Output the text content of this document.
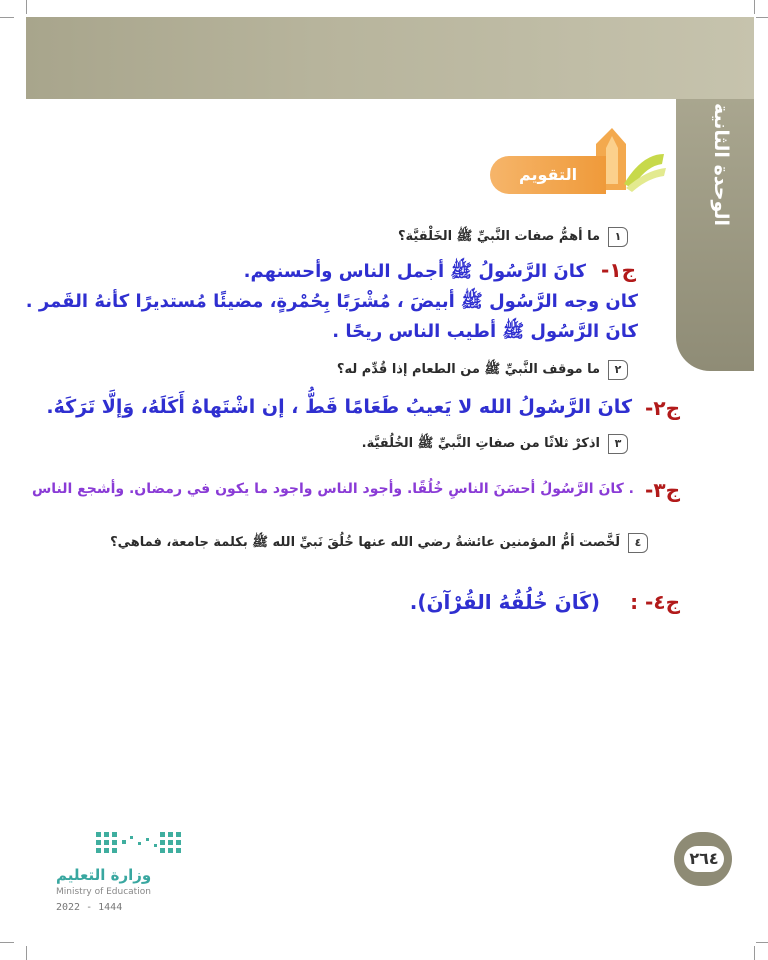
الوحدة الثانية
التقويم
١
ما أهمُّ صفات النَّبيِّ ﷺ الخَلْقيَّة؟
ج١-
كانَ الرَّسُولُ ﷺ أجمل الناس وأحسنهم.
كان وجه الرَّسُول ﷺ أبيضَ ، مُشْرَبًا بِحُمْرةٍ، مضيئًا مُستديرًا كأنهُ القَمر .
كانَ الرَّسُول ﷺ أطيب الناس ريحًا .
٢
ما موقف النَّبيِّ ﷺ من الطعام إذا قُدِّم له؟
ج٢-
كانَ الرَّسُولُ الله لا يَعيبُ طَعَامًا قَطُّ ، إن اشْتَهاهُ أَكَلَهُ، وَإلَّا تَرَكَهُ.
٣
اذكرْ ثلاثًا من صفاتِ النَّبيِّ ﷺ الخُلُقيَّة.
ج٣-
. كانَ الرَّسُولُ أحسَنَ الناسِ خُلُقًا. وأجود الناس واجود ما يكون في رمضان. وأشجع الناس
٤
لَخَّصت أمُّ المؤمنين عائشةُ رضي الله عنها خُلُقَ نَبيِّ الله ﷺ بكلمة جامعة، فماهي؟
ج٤- :
(كَانَ خُلُقُهُ القُرْآنَ).
٢٦٤
وزارة التعليم
Ministry of Education
2022 - 1444
